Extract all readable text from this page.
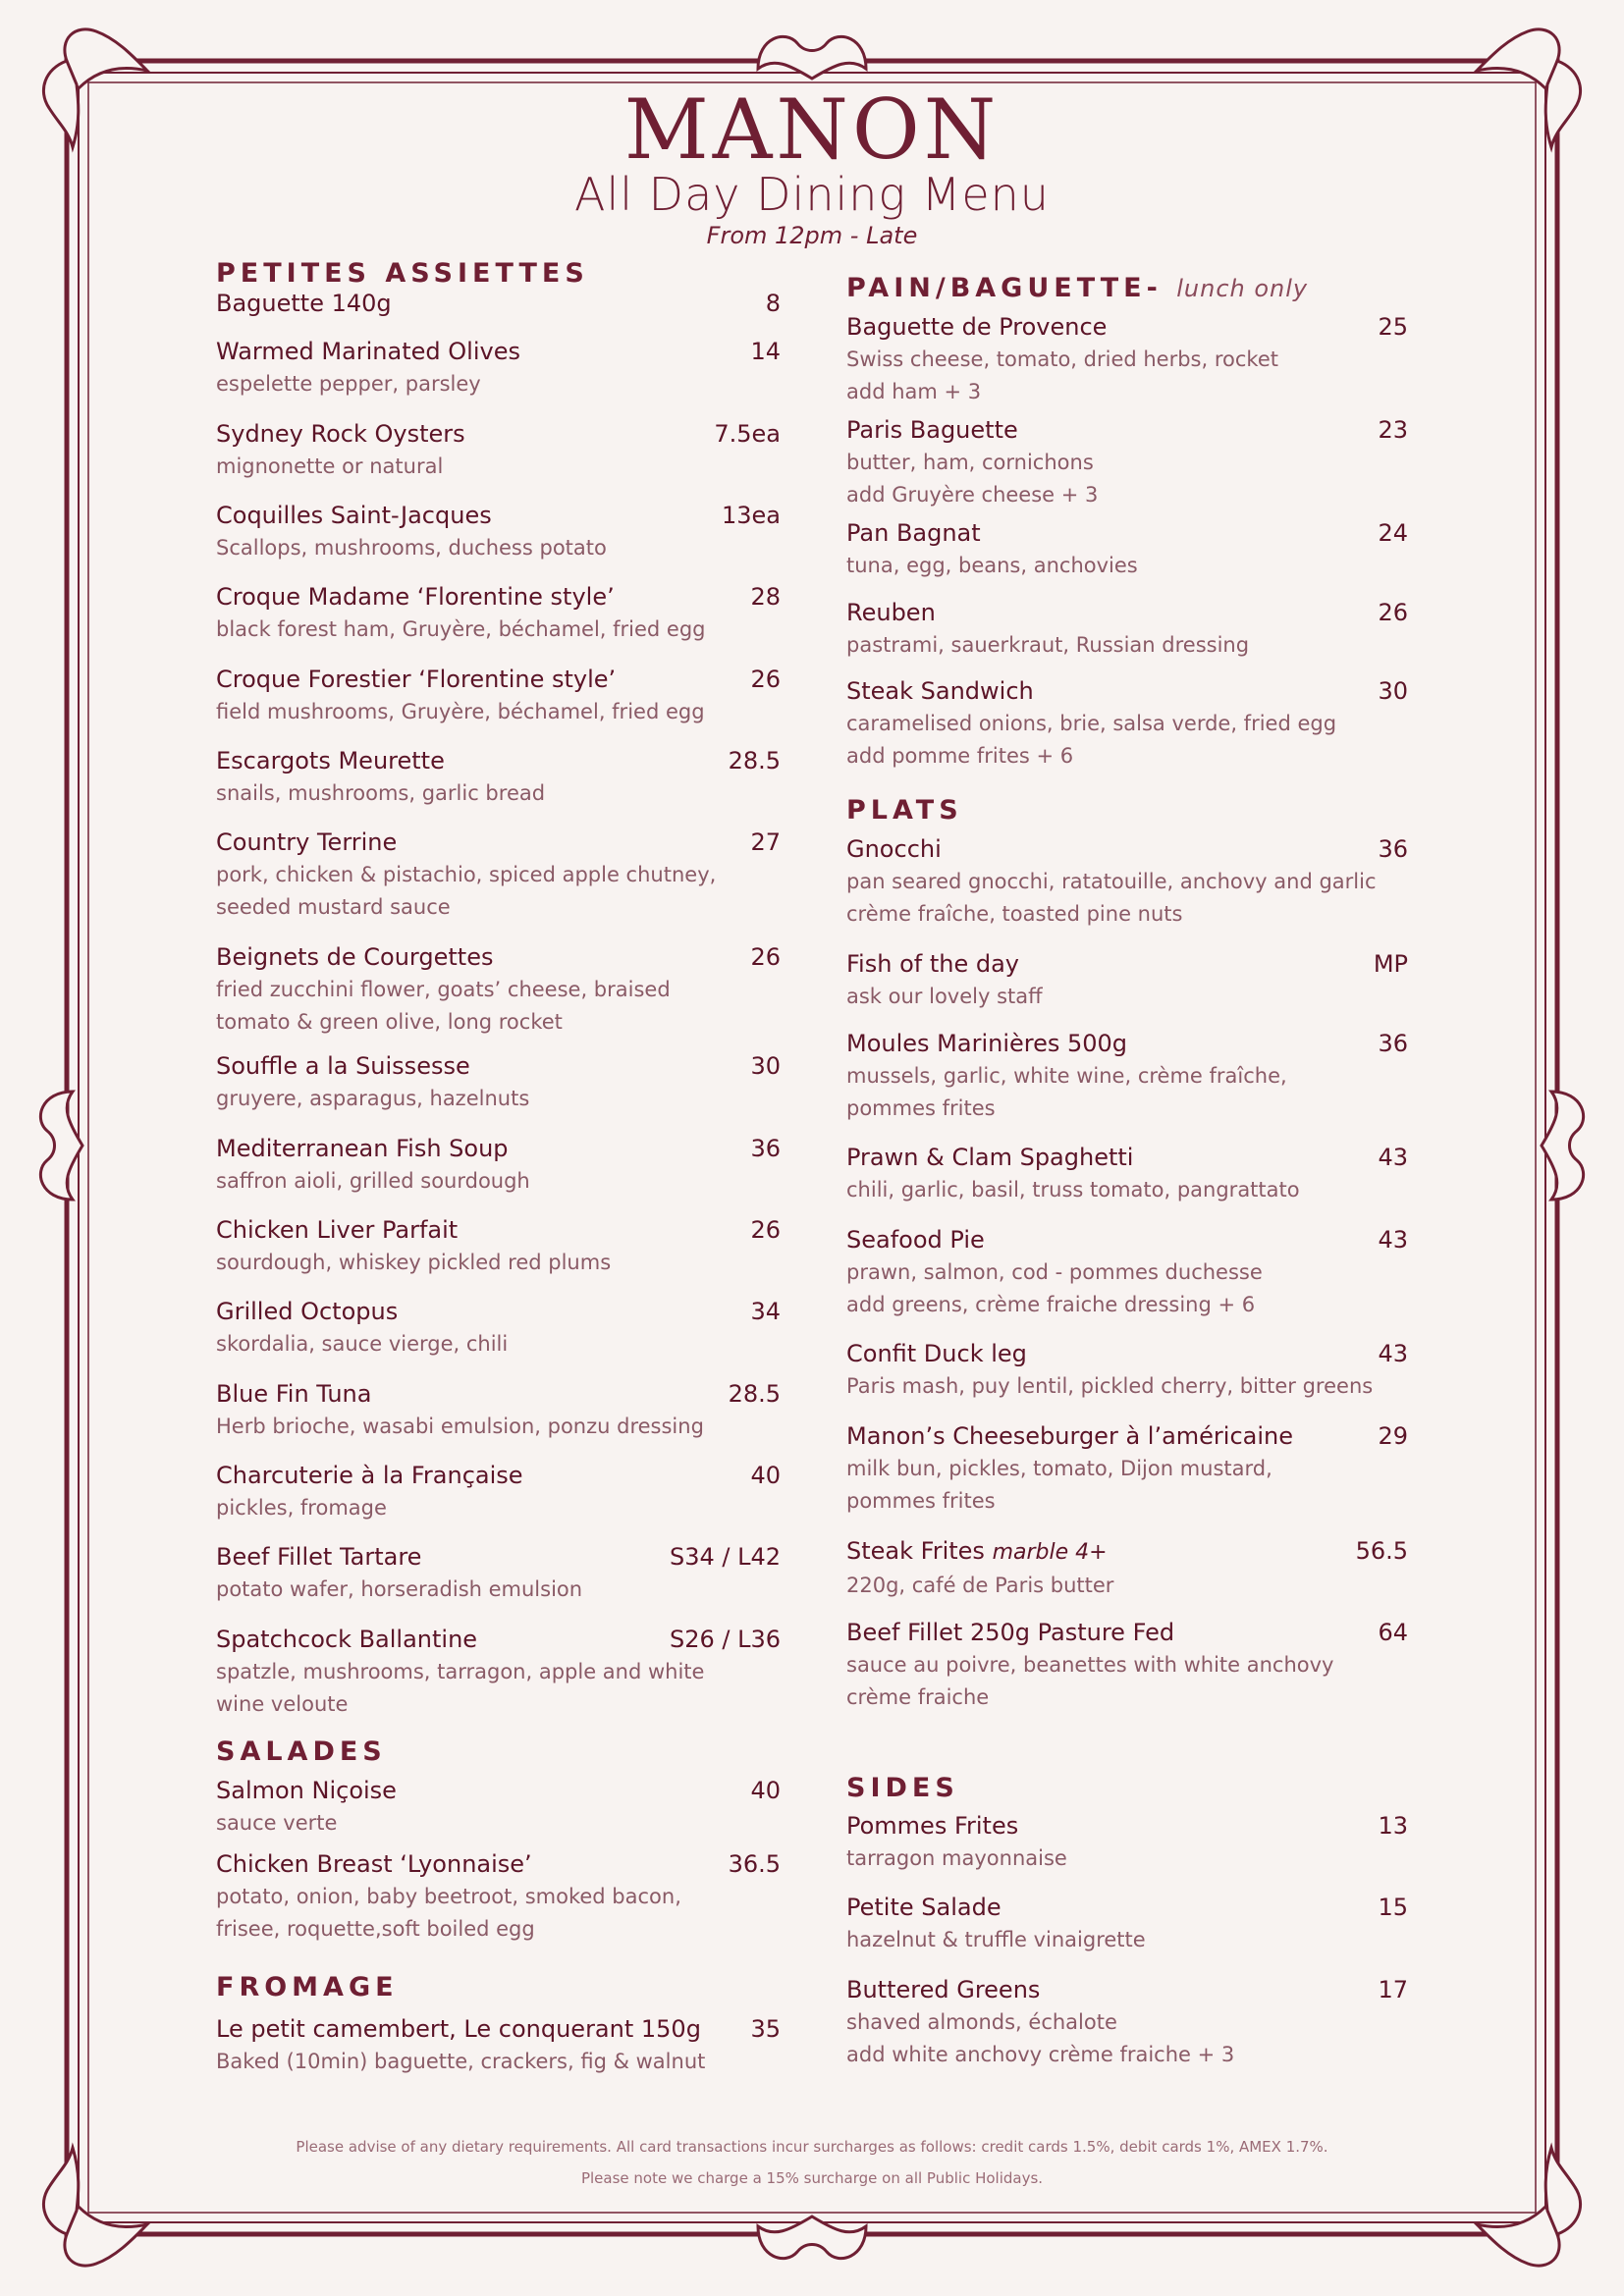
MANON
All Day Dining Menu
From 12pm - Late
PETITES ASSIETTES
Baguette 140g	8
Warmed Marinated Olives	14
espelette pepper, parsley
Sydney Rock Oysters	7.5ea
mignonette or natural
Coquilles Saint-Jacques	13ea
Scallops, mushrooms, duchess potato
Croque Madame ‘Florentine style’	28
black forest ham, Gruyère, béchamel, fried egg
Croque Forestier ‘Florentine style’	26
field mushrooms, Gruyère, béchamel, fried egg
Escargots Meurette	28.5
snails, mushrooms, garlic bread
Country Terrine	27
pork, chicken & pistachio, spiced apple chutney,
seeded mustard sauce
Beignets de Courgettes	26
fried zucchini flower, goats’ cheese, braised
tomato & green olive, long rocket
Souffle a la Suissesse	30
gruyere, asparagus, hazelnuts
Mediterranean Fish Soup	36
saffron aioli, grilled sourdough
Chicken Liver Parfait	26
sourdough, whiskey pickled red plums
Grilled Octopus	34
skordalia, sauce vierge, chili
Blue Fin Tuna	28.5
Herb brioche, wasabi emulsion, ponzu dressing
Charcuterie à la Française	40
pickles, fromage
Beef Fillet Tartare	S34 / L42
potato wafer, horseradish emulsion
Spatchcock Ballantine	S26 / L36
spatzle, mushrooms, tarragon, apple and white
wine veloute
SALADES
Salmon Niçoise	40
sauce verte
Chicken Breast ‘Lyonnaise’	36.5
potato, onion, baby beetroot, smoked bacon,
frisee, roquette,soft boiled egg
FROMAGE
Le petit camembert, Le conquerant 150g	35
Baked (10min) baguette, crackers, fig & walnut
PAIN/BAGUETTE- lunch only
Baguette de Provence	25
Swiss cheese, tomato, dried herbs, rocket
add ham + 3
Paris Baguette	23
butter, ham, cornichons
add Gruyère cheese + 3
Pan Bagnat	24
tuna, egg, beans, anchovies
Reuben	26
pastrami, sauerkraut, Russian dressing
Steak Sandwich	30
caramelised onions, brie, salsa verde, fried egg
add pomme frites + 6
PLATS
Gnocchi	36
pan seared gnocchi, ratatouille, anchovy and garlic
crème fraîche, toasted pine nuts
Fish of the day	MP
ask our lovely staff
Moules Marinières 500g	36
mussels, garlic, white wine, crème fraîche,
pommes frites
Prawn & Clam Spaghetti	43
chili, garlic, basil, truss tomato, pangrattato
Seafood Pie	43
prawn, salmon, cod - pommes duchesse
add greens, crème fraiche dressing + 6
Confit Duck leg	43
Paris mash, puy lentil, pickled cherry, bitter greens
Manon’s Cheeseburger à l’américaine	29
milk bun, pickles, tomato, Dijon mustard,
pommes frites
Steak Frites marble 4+	56.5
220g, café de Paris butter
Beef Fillet 250g Pasture Fed	64
sauce au poivre, beanettes with white anchovy
crème fraiche
SIDES
Pommes Frites	13
tarragon mayonnaise
Petite Salade	15
hazelnut & truffle vinaigrette
Buttered Greens	17
shaved almonds, échalote
add white anchovy crème fraiche + 3
Please advise of any dietary requirements. All card transactions incur surcharges as follows: credit cards 1.5%, debit cards 1%, AMEX 1.7%.
Please note we charge a 15% surcharge on all Public Holidays.
